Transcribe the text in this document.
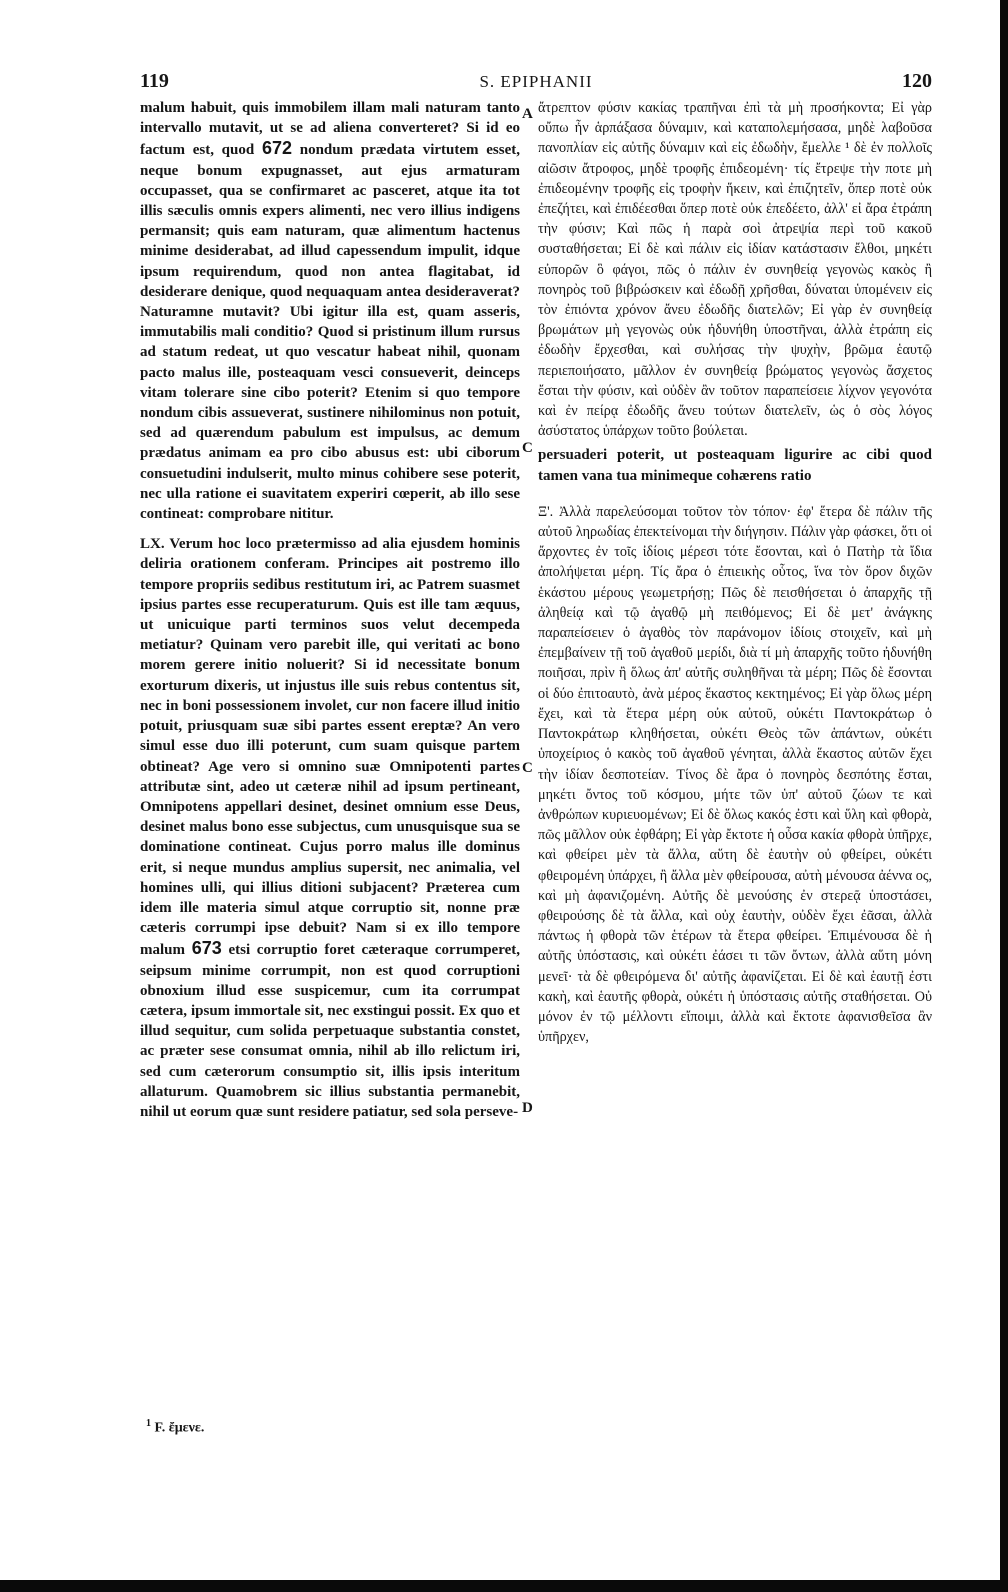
119	S. EPIPHANII	120

malum habuit, quis immobilem illam mali naturam tanto intervallo mutavit, ut se ad aliena converteret? Si id eo factum est, quod 672 nondum prædata virtutem esset, neque bonum expugnasset, aut ejus armaturam occupasset, qua se confirmaret ac pasceret, atque ita tot illis sæculis omnis expers alimenti, nec vero illius indigens permansit; quis eam naturam, quæ alimentum hactenus minime desiderabat, ad illud capessendum impulit, idque ipsum requirendum, quod non antea flagitabat, id desiderare denique, quod nequaquam antea desideraverat? Naturamne mutavit? Ubi igitur illa est, quam asseris, immutabilis mali conditio? Quod si pristinum illum rursus ad statum redeat, ut quo vescatur habeat nihil, quonam pacto malus ille, posteaquam vesci consueverit, deinceps vitam tolerare sine cibo poterit? Etenim si quo tempore nondum cibis assueverat, sustinere nihilominus non potuit, sed ad quærendum pabulum est impulsus, ac demum prædatus animam ea pro cibo abusus est: ubi ciborum consuetudini indulserit, multo minus cohibere sese poterit, nec ulla ratione ei suavitatem experiri cœperit, ab illo sese contineat: comprobare nititur.

LX. Verum hoc loco prætermisso ad alia ejusdem hominis deliria orationem conferam. Principes ait postremo illo tempore propriis sedibus restitutum iri, ac Patrem suasmet ipsius partes esse recuperaturum. Quis est ille tam æquus, ut unicuique parti terminos suos velut decempeda metiatur? Quinam vero parebit ille, qui veritati ac bono morem gerere initio noluerit? Si id necessitate bonum exorturum dixeris, ut injustus ille suis rebus contentus sit, nec in boni possessionem involet, cur non facere illud initio potuit, priusquam suæ sibi partes essent ereptæ? An vero simul esse duo illi poterunt, cum suam quisque partem obtineat? Age vero si omnino suæ Omnipotenti partes attributæ sint, adeo ut cæteræ nihil ad ipsum pertineant, Omnipotens appellari desinet, desinet omnium esse Deus, desinet malus bono esse subjectus, cum unusquisque sua se dominatione contineat. Cujus porro malus ille dominus erit, si neque mundus amplius supersit, nec animalia, vel homines ulli, qui illius ditioni subjacent? Præterea cum idem ille materia simul atque corruptio sit, nonne præ cæteris corrumpi ipse debuit? Nam si ex illo tempore malum 673 etsi corruptio foret cæteraque corrumperet, seipsum minime corrumpit, non est quod corruptioni obnoxium illud esse suspicemur, cum ita corrumpat cætera, ipsum immortale sit, nec exstingui possit. Ex quo et illud sequitur, cum solida perpetuaque substantia constet, ac præter sese consumat omnia, nihil ab illo relictum iri, sed cum cæterorum consumptio sit, illis ipsis interitum allaturum. Quamobrem sic illius substantia permanebit, nihil ut eorum quæ sunt residere patiatur, sed sola perseve-

A
C
C
D

ἄτρεπτον φύσιν κακίας τραπῆναι ἐπὶ τὰ μὴ προσήκοντα; Εἰ γὰρ οὔπω ἦν ἁρπάξασα δύναμιν, καὶ καταπολεμήσασα, μηδὲ λαβοῦσα πανοπλίαν εἰς αὐτῆς δύναμιν καὶ εἰς ἐδωδὴν, ἔμελλε ¹ δὲ ἐν πολλοῖς αἰῶσιν ἄτροφος, μηδὲ τροφῆς ἐπιδεομένη· τίς ἔτρεψε τὴν ποτε μὴ ἐπιδεομένην τροφῆς εἰς τροφὴν ἥκειν, καὶ ἐπιζητεῖν, ὅπερ ποτὲ οὐκ ἐπεζήτει, καὶ ἐπιδέεσθαι ὅπερ ποτὲ οὐκ ἐπεδέετο, ἀλλ' εἰ ἄρα ἐτράπη τὴν φύσιν; Καὶ πῶς ἡ παρὰ σοὶ ἀτρεψία περὶ τοῦ κακοῦ συσταθήσεται; Εἰ δὲ καὶ πάλιν εἰς ἰδίαν κατάστασιν ἔλθοι, μηκέτι εὐπορῶν ὃ φάγοι, πῶς ὁ πάλιν ἐν συνηθείᾳ γεγονὼς κακὸς ἢ πονηρὸς τοῦ βιβρώσκειν καὶ ἐδωδῇ χρῆσθαι, δύναται ὑπομένειν εἰς τὸν ἐπιόντα χρόνον ἄνευ ἐδωδῆς διατελῶν; Εἰ γὰρ ἐν συνηθείᾳ βρωμάτων μὴ γεγονὼς οὐκ ἠδυνήθη ὑποστῆναι, ἀλλὰ ἐτράπη εἰς ἐδωδὴν ἔρχεσθαι, καὶ συλήσας τὴν ψυχὴν, βρῶμα ἑαυτῷ περιεποιήσατο, μᾶλλον ἐν συνηθείᾳ βρώματος γεγονὼς ἄσχετος ἔσται τὴν φύσιν, καὶ οὐδὲν ἂν τοῦτον παραπείσειε λίχνον γεγονότα καὶ ἐν πείρᾳ ἐδωδῆς ἄνευ τούτων διατελεῖν, ὡς ὁ σὸς λόγος ἀσύστατος ὑπάρχων τοῦτο βούλεται.

persuaderi poterit, ut posteaquam ligurire ac cibi quod tamen vana tua minimeque cohærens ratio

Ξ'. Ἀλλὰ παρελεύσομαι τοῦτον τὸν τόπον· ἐφ' ἕτερα δὲ πάλιν τῆς αὐτοῦ ληρωδίας ἐπεκτείνομαι τὴν διήγησιν. Πάλιν γὰρ φάσκει, ὅτι οἱ ἄρχοντες ἐν τοῖς ἰδίοις μέρεσι τότε ἔσονται, καὶ ὁ Πατὴρ τὰ ἴδια ἀπολήψεται μέρη. Τίς ἄρα ὁ ἐπιεικὴς οὗτος, ἵνα τὸν ὅρον διχῶν ἑκάστου μέρους γεωμετρήσῃ; Πῶς δὲ πεισθήσεται ὁ ἀπαρχῆς τῇ ἀληθείᾳ καὶ τῷ ἀγαθῷ μὴ πειθόμενος; Εἰ δὲ μετ' ἀνάγκης παραπείσειεν ὁ ἀγαθὸς τὸν παράνομον ἰδίοις στοιχεῖν, καὶ μὴ ἐπεμβαίνειν τῇ τοῦ ἀγαθοῦ μερίδι, διὰ τί μὴ ἀπαρχῆς τοῦτο ἠδυνήθη ποιῆσαι, πρὶν ἢ ὅλως ἀπ' αὐτῆς συληθῆναι τὰ μέρη; Πῶς δὲ ἔσονται οἱ δύο ἐπιτοαυτὸ, ἀνὰ μέρος ἕκαστος κεκτημένος; Εἰ γὰρ ὅλως μέρη ἔχει, καὶ τὰ ἕτερα μέρη οὐκ αὐτοῦ, οὐκέτι Παντοκράτωρ ὁ Παντοκράτωρ κληθήσεται, οὐκέτι Θεὸς τῶν ἁπάντων, οὐκέτι ὑποχείριος ὁ κακὸς τοῦ ἀγαθοῦ γένηται, ἀλλὰ ἕκαστος αὐτῶν ἔχει τὴν ἰδίαν δεσποτείαν. Τίνος δὲ ἄρα ὁ πονηρὸς δεσπότης ἔσται, μηκέτι ὄντος τοῦ κόσμου, μήτε τῶν ὑπ' αὐτοῦ ζώων τε καὶ ἀνθρώπων κυριευομένων; Εἰ δὲ ὅλως κακός ἐστι καὶ ὕλη καὶ φθορὰ, πῶς μᾶλλον οὐκ ἐφθάρη; Εἰ γὰρ ἔκτοτε ἡ οὖσα κακία φθορὰ ὑπῆρχε, καὶ φθείρει μὲν τὰ ἄλλα, αὕτη δὲ ἑαυτὴν οὐ φθείρει, οὐκέτι φθειρομένη ὑπάρχει, ἢ ἄλλα μὲν φθείρουσα, αὐτὴ μένουσα ἀέννα ος, καὶ μὴ ἀφανιζομένη. Αὐτῆς δὲ μενούσης ἐν στερεᾷ ὑποστάσει, φθειρούσης δὲ τὰ ἄλλα, καὶ οὐχ ἑαυτὴν, οὐδὲν ἔχει ἐᾶσαι, ἀλλὰ πάντως ἡ φθορὰ τῶν ἑτέρων τὰ ἕτερα φθείρει. Ἐπιμένουσα δὲ ἡ αὐτῆς ὑπόστασις, καὶ οὐκέτι ἐάσει τι τῶν ὄντων, ἀλλὰ αὕτη μόνη μενεῖ· τὰ δὲ φθειρόμενα δι' αὐτῆς ἀφανίζεται. Εἰ δὲ καὶ ἑαυτῇ ἐστι κακὴ, καὶ ἑαυτῆς φθορὰ, οὐκέτι ἡ ὑπόστασις αὐτῆς σταθήσεται. Οὐ μόνον ἐν τῷ μέλλοντι εἴποιμι, ἀλλὰ καὶ ἔκτοτε ἀφανισθεῖσα ἂν ὑπῆρχεν,

$^1$ F. ἔμενε.
